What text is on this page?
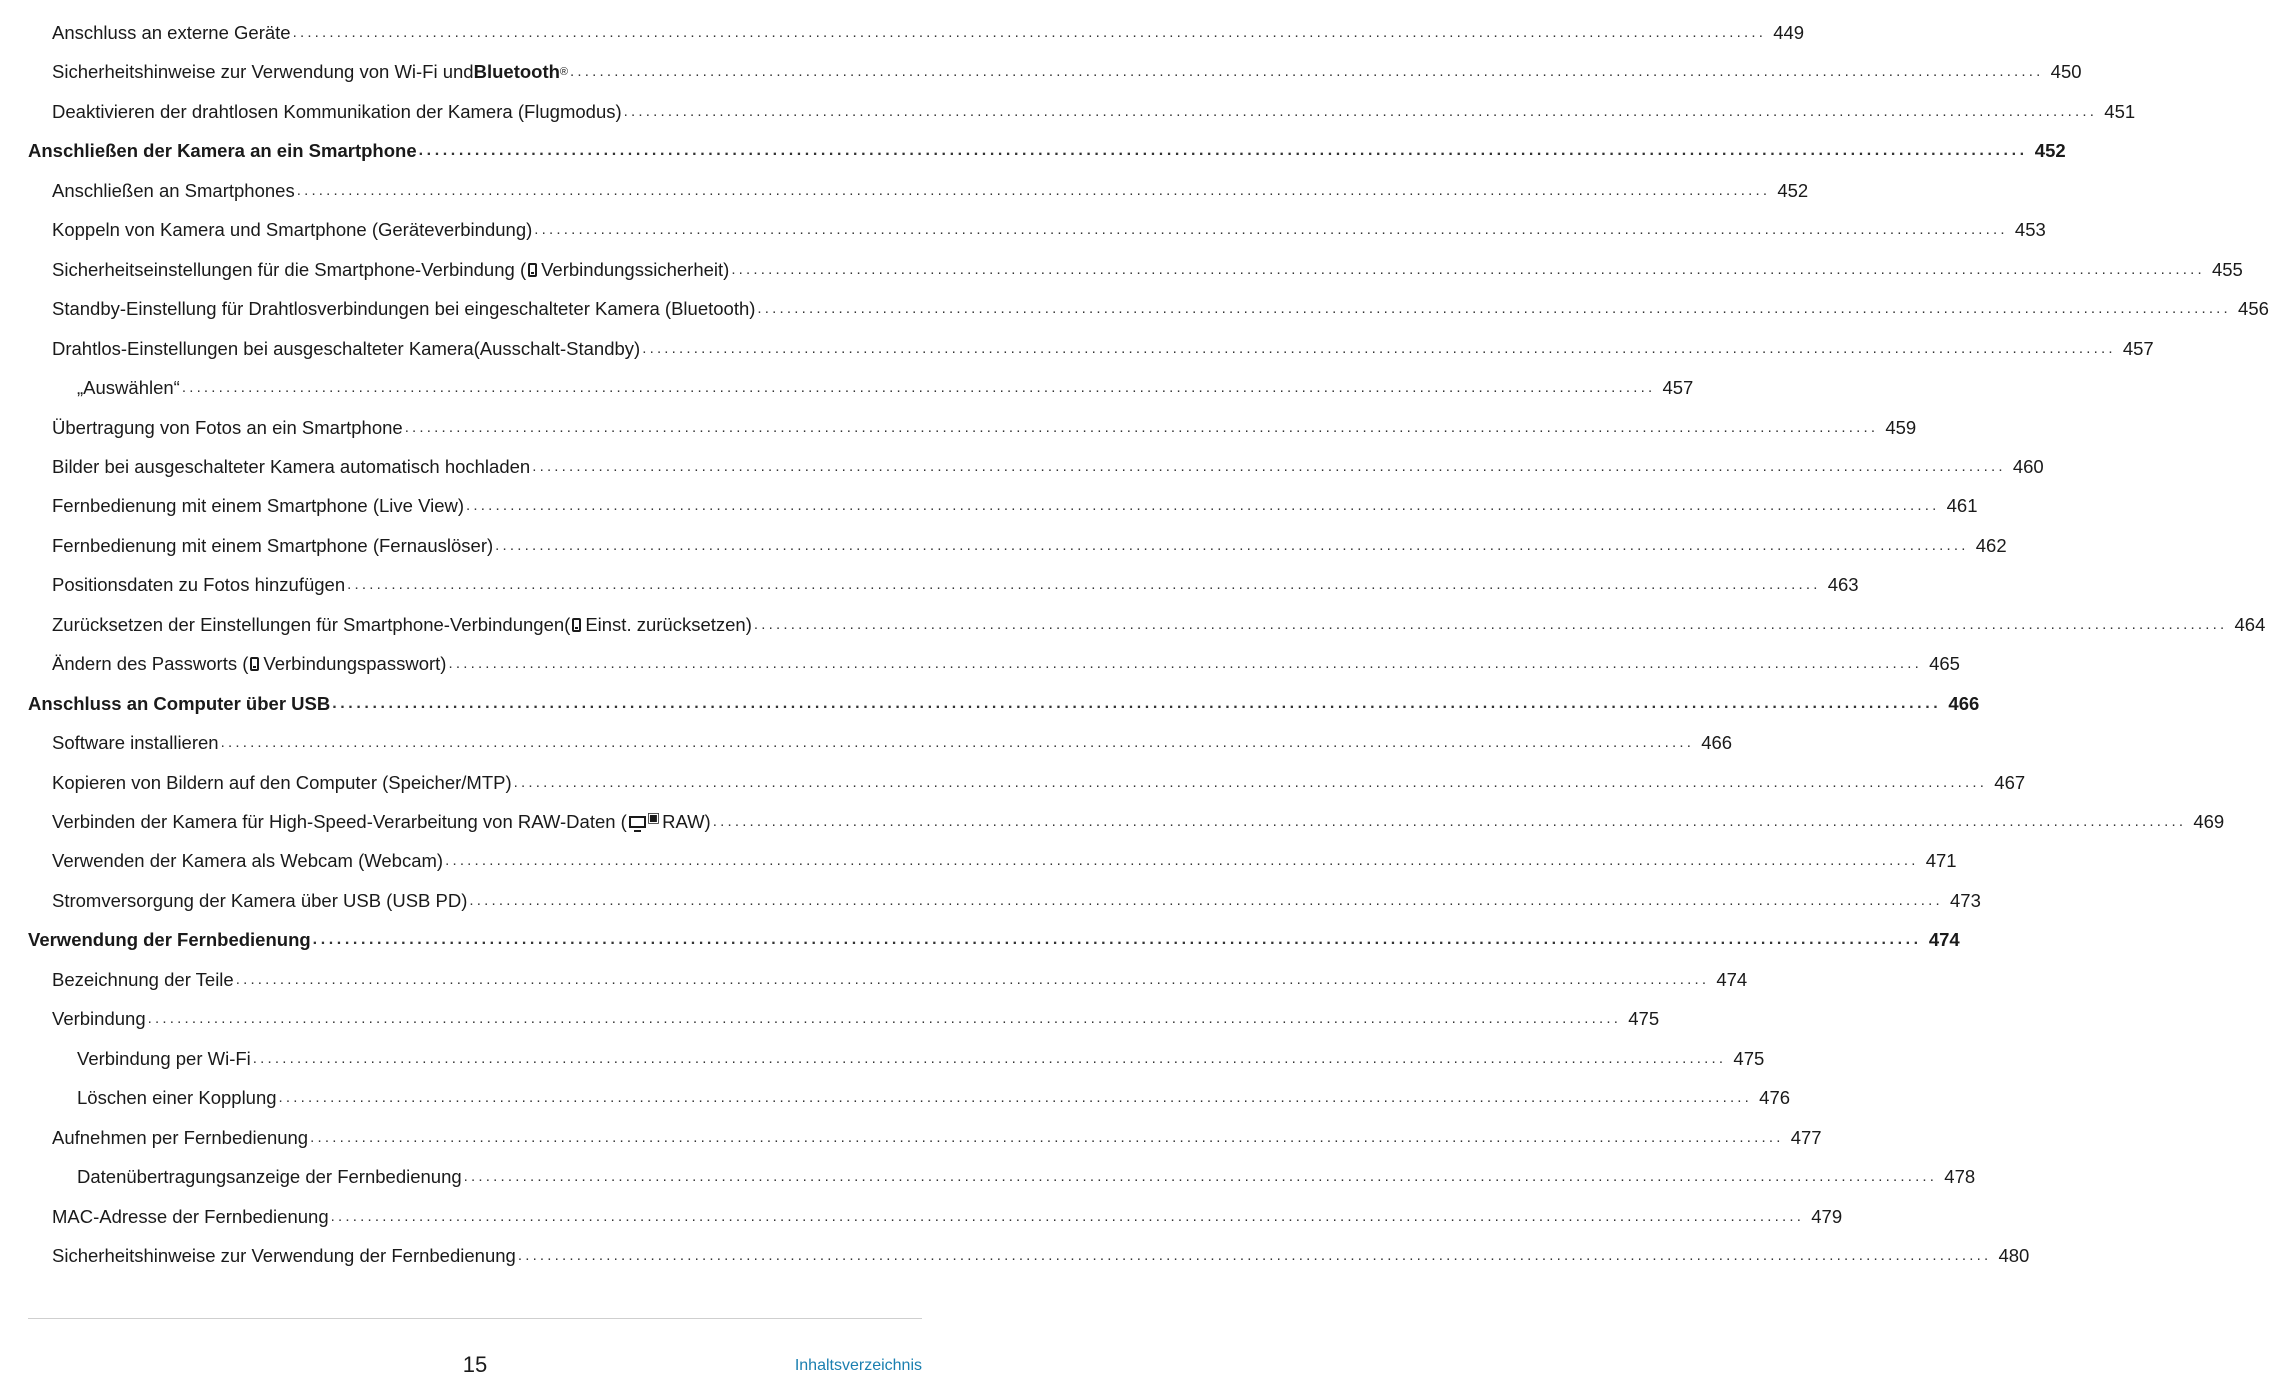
Anschluss an externe Geräte ........................................................................................................................................................................................................ 449
Sicherheitshinweise zur Verwendung von Wi-Fi und Bluetooth ® ........................................................................................................................................................................................................ 450
Deaktivieren der drahtlosen Kommunikation der Kamera (Flugmodus) ........................................................................................................................................................................................................ 451
Anschließen der Kamera an ein Smartphone ........................................................................................................................................................................................................ 452
Anschließen an Smartphones ........................................................................................................................................................................................................ 452
Koppeln von Kamera und Smartphone (Geräteverbindung) ........................................................................................................................................................................................................ 453
Sicherheitseinstellungen für die Smartphone-Verbindung ( Verbindungssicherheit) ........................................................................................................................................................................................................ 455
Standby-Einstellung für Drahtlosverbindungen bei eingeschalteter Kamera (Bluetooth) ........................................................................................................................................................................................................ 456
Drahtlos-Einstellungen bei ausgeschalteter Kamera(Ausschalt-Standby) ........................................................................................................................................................................................................ 457
„Auswählen“ ........................................................................................................................................................................................................ 457
Übertragung von Fotos an ein Smartphone ........................................................................................................................................................................................................ 459
Bilder bei ausgeschalteter Kamera automatisch hochladen ........................................................................................................................................................................................................ 460
Fernbedienung mit einem Smartphone (Live View) ........................................................................................................................................................................................................ 461
Fernbedienung mit einem Smartphone (Fernauslöser) ........................................................................................................................................................................................................ 462
Positionsdaten zu Fotos hinzufügen ........................................................................................................................................................................................................ 463
Zurücksetzen der Einstellungen für Smartphone-Verbindungen( Einst. zurücksetzen) ........................................................................................................................................................................................................ 464
Ändern des Passworts ( Verbindungspasswort) ........................................................................................................................................................................................................ 465
Anschluss an Computer über USB ........................................................................................................................................................................................................ 466
Software installieren ........................................................................................................................................................................................................ 466
Kopieren von Bildern auf den Computer (Speicher/MTP) ........................................................................................................................................................................................................ 467
Verbinden der Kamera für High-Speed-Verarbeitung von RAW-Daten ( ▣ RAW) ........................................................................................................................................................................................................ 469
Verwenden der Kamera als Webcam (Webcam) ........................................................................................................................................................................................................ 471
Stromversorgung der Kamera über USB (USB PD) ........................................................................................................................................................................................................ 473
Verwendung der Fernbedienung ........................................................................................................................................................................................................ 474
Bezeichnung der Teile ........................................................................................................................................................................................................ 474
Verbindung ........................................................................................................................................................................................................ 475
Verbindung per Wi-Fi ........................................................................................................................................................................................................ 475
Löschen einer Kopplung ........................................................................................................................................................................................................ 476
Aufnehmen per Fernbedienung ........................................................................................................................................................................................................ 477
Datenübertragungsanzeige der Fernbedienung ........................................................................................................................................................................................................ 478
MAC-Adresse der Fernbedienung ........................................................................................................................................................................................................ 479
Sicherheitshinweise zur Verwendung der Fernbedienung ........................................................................................................................................................................................................ 480
15	Inhaltsverzeichnis
